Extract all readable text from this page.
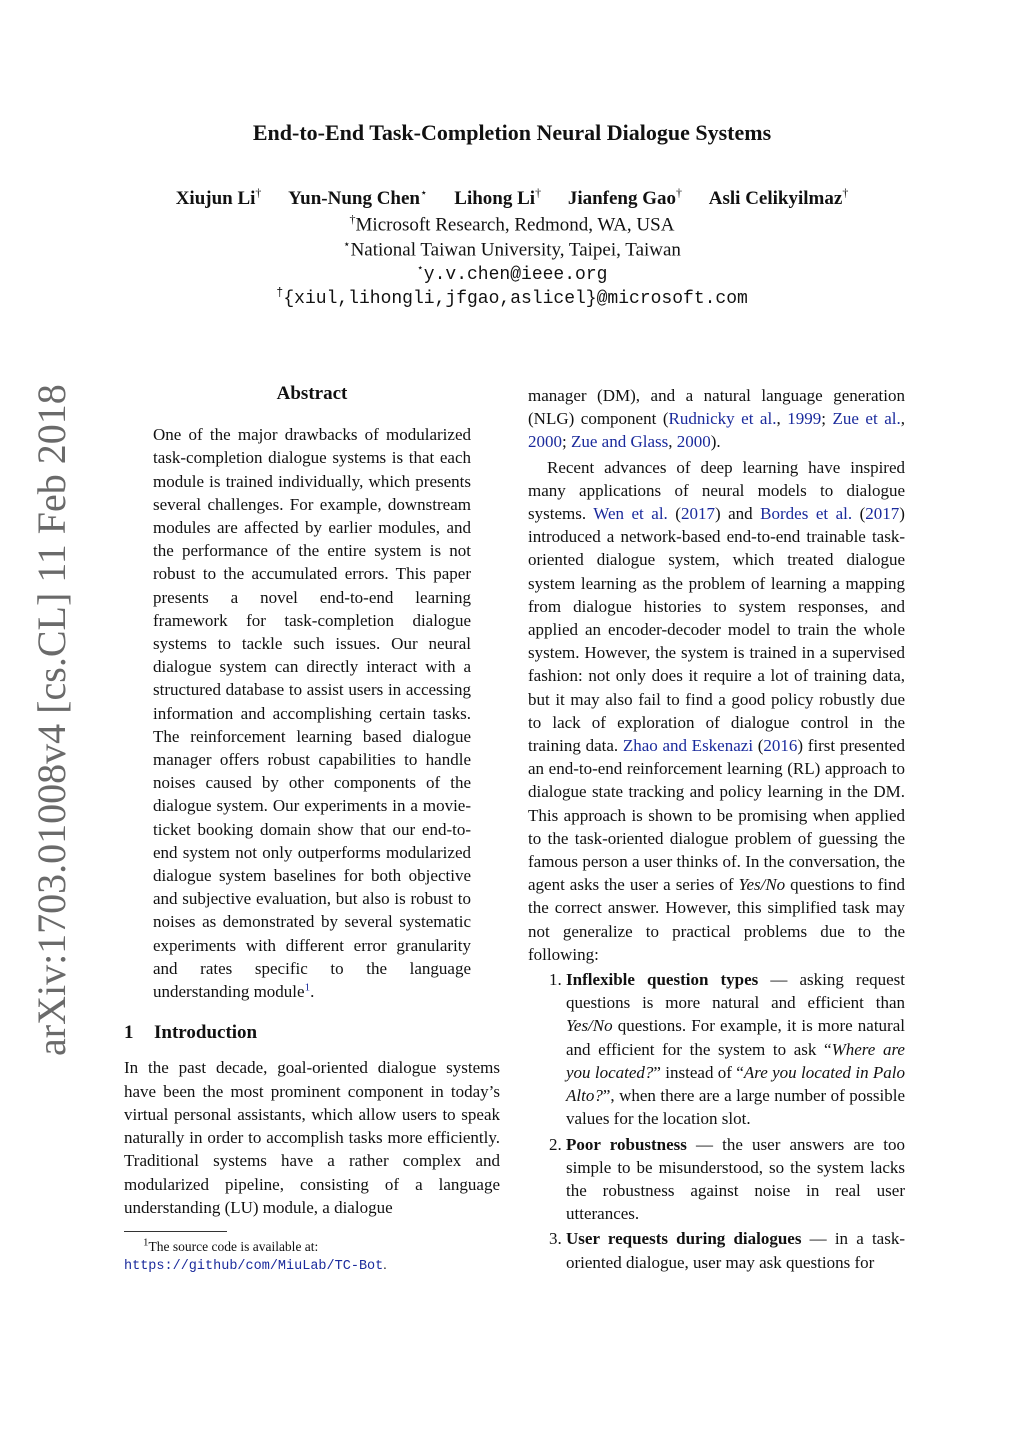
End-to-End Task-Completion Neural Dialogue Systems
Xiujun Li† Yun-Nung Chen⋆ Lihong Li† Jianfeng Gao† Asli Celikyilmaz†
†Microsoft Research, Redmond, WA, USA
⋆National Taiwan University, Taipei, Taiwan
⋆y.v.chen@ieee.org
†{xiul,lihongli,jfgao,aslicel}@microsoft.com
arXiv:1703.01008v4 [cs.CL] 11 Feb 2018	Abstract
One of the major drawbacks of modularized task-completion dialogue systems is that each module is trained individually, which presents several challenges. For example, downstream modules are affected by earlier modules, and the performance of the entire system is not robust to the accumulated errors. This paper presents a novel end-to-end learning framework for task-completion dialogue systems to tackle such issues. Our neural dialogue system can directly interact with a structured database to assist users in accessing information and accomplishing certain tasks. The reinforcement learning based dialogue manager offers robust capabilities to handle noises caused by other components of the dialogue system. Our experiments in a movie-ticket booking domain show that our end-to-end system not only outperforms modularized dialogue system baselines for both objective and subjective evaluation, but also is robust to noises as demonstrated by several systematic experiments with different error granularity and rates specific to the language understanding module$^1$.
1 Introduction

In the past decade, goal-oriented dialogue systems have been the most prominent component in today’s virtual personal assistants, which allow users to speak naturally in order to accomplish tasks more efficiently. Traditional systems have a rather complex and modularized pipeline, consisting of a language understanding (LU) module, a dialogue

$^1$The source code is available at: https://github/com/MiuLab/TC-Bot.

manager (DM), and a natural language generation (NLG) component (Rudnicky et al., 1999; Zue et al., 2000; Zue and Glass, 2000).

Recent advances of deep learning have inspired many applications of neural models to dialogue systems. Wen et al. (2017) and Bordes et al. (2017) introduced a network-based end-to-end trainable task-oriented dialogue system, which treated dialogue system learning as the problem of learning a mapping from dialogue histories to system responses, and applied an encoder-decoder model to train the whole system. However, the system is trained in a supervised fashion: not only does it require a lot of training data, but it may also fail to find a good policy robustly due to lack of exploration of dialogue control in the training data. Zhao and Eskenazi (2016) first presented an end-to-end reinforcement learning (RL) approach to dialogue state tracking and policy learning in the DM. This approach is shown to be promising when applied to the task-oriented dialogue problem of guessing the famous person a user thinks of. In the conversation, the agent asks the user a series of Yes/No questions to find the correct answer. However, this simplified task may not generalize to practical problems due to the following:

1. Inflexible question types — asking request questions is more natural and efficient than Yes/No questions. For example, it is more natural and efficient for the system to ask “Where are you located?” instead of “Are you located in Palo Alto?”, when there are a large number of possible values for the location slot.
2. Poor robustness — the user answers are too simple to be misunderstood, so the system lacks the robustness against noise in real user utterances.
3. User requests during dialogues — in a task-oriented dialogue, user may ask questions for
